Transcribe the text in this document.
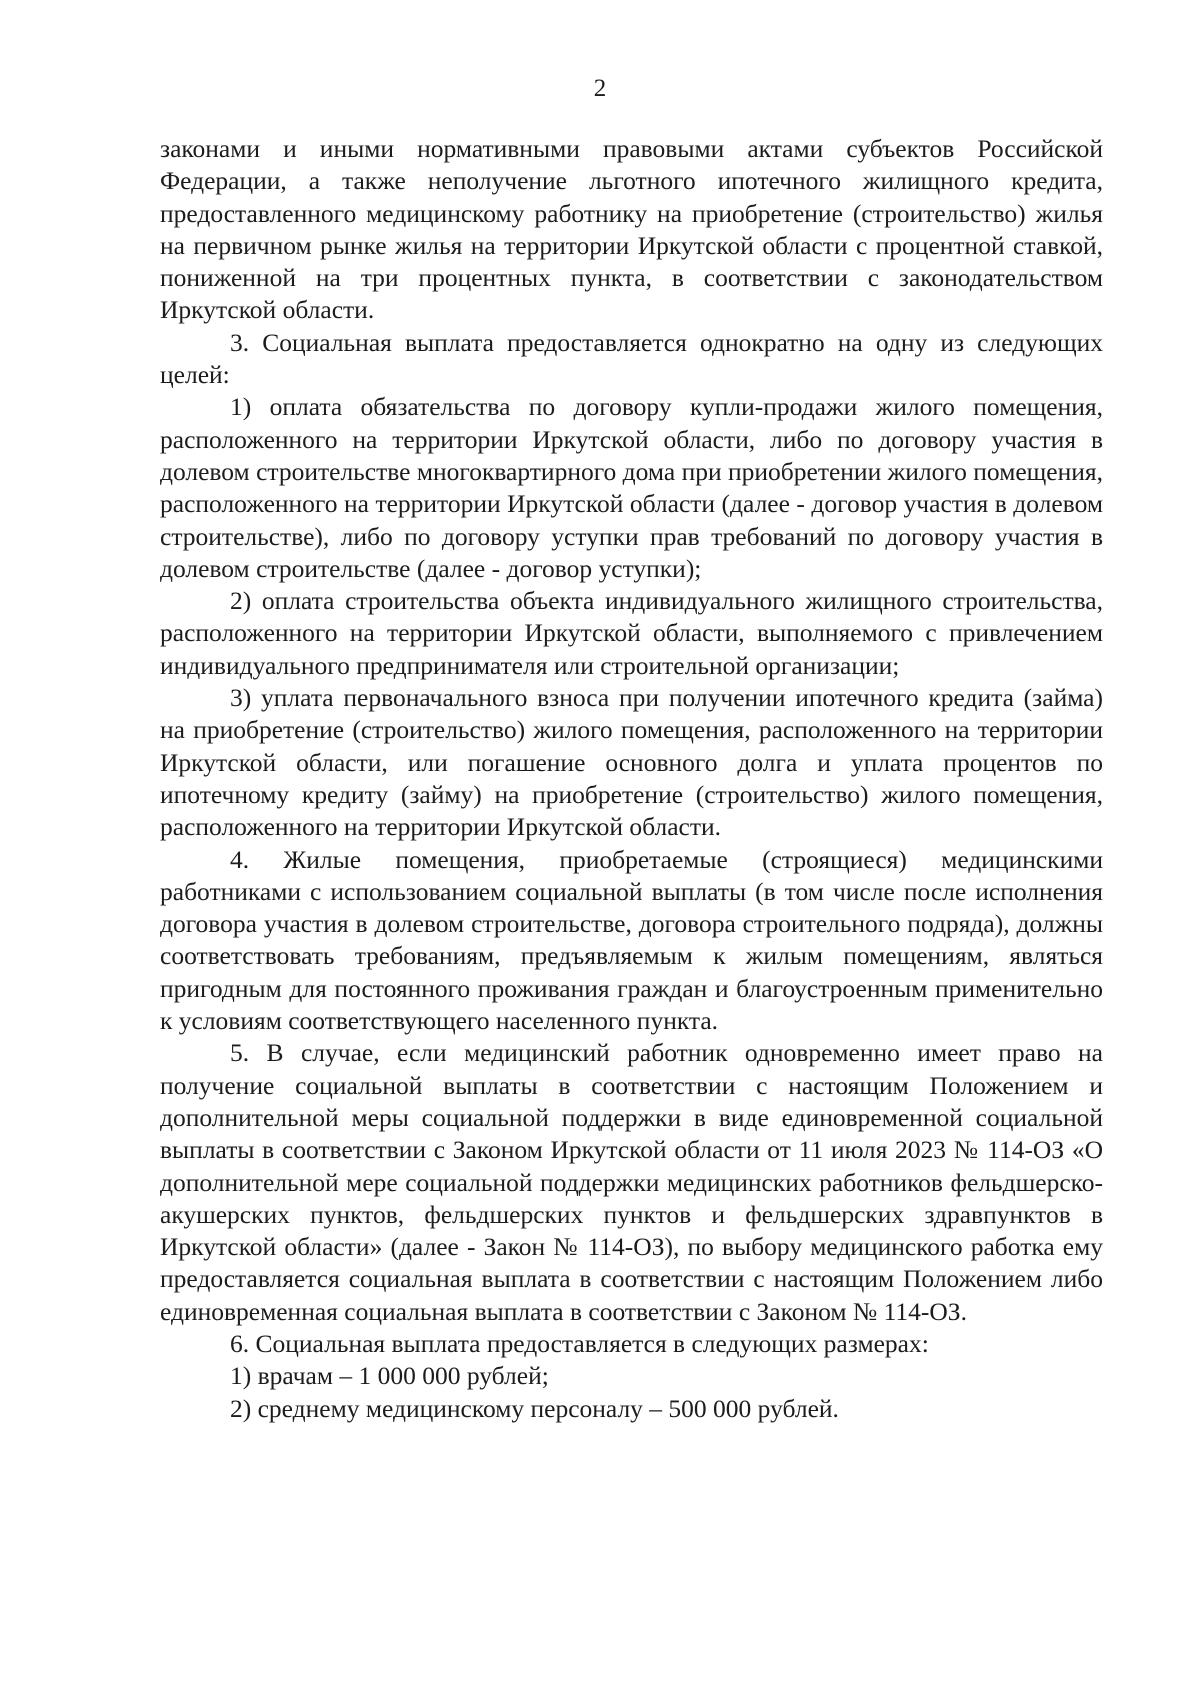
2

законами и иными нормативными правовыми актами субъектов Российской Федерации, а также неполучение льготного ипотечного жилищного кредита, предоставленного медицинскому работнику на приобретение (строительство) жилья на первичном рынке жилья на территории Иркутской области с процентной ставкой, пониженной на три процентных пункта, в соответствии с законодательством Иркутской области.

3. Социальная выплата предоставляется однократно на одну из следующих целей:

1) оплата обязательства по договору купли-продажи жилого помещения, расположенного на территории Иркутской области, либо по договору участия в долевом строительстве многоквартирного дома при приобретении жилого помещения, расположенного на территории Иркутской области (далее - договор участия в долевом строительстве), либо по договору уступки прав требований по договору участия в долевом строительстве (далее - договор уступки);

2) оплата строительства объекта индивидуального жилищного строительства, расположенного на территории Иркутской области, выполняемого с привлечением индивидуального предпринимателя или строительной организации;

3) уплата первоначального взноса при получении ипотечного кредита (займа) на приобретение (строительство) жилого помещения, расположенного на территории Иркутской области, или погашение основного долга и уплата процентов по ипотечному кредиту (займу) на приобретение (строительство) жилого помещения, расположенного на территории Иркутской области.

4. Жилые помещения, приобретаемые (строящиеся) медицинскими работниками с использованием социальной выплаты (в том числе после исполнения договора участия в долевом строительстве, договора строительного подряда), должны соответствовать требованиям, предъявляемым к жилым помещениям, являться пригодным для постоянного проживания граждан и благоустроенным применительно к условиям соответствующего населенного пункта.

5. В случае, если медицинский работник одновременно имеет право на получение социальной выплаты в соответствии с настоящим Положением и дополнительной меры социальной поддержки в виде единовременной социальной выплаты в соответствии с Законом Иркутской области от 11 июля 2023 № 114-ОЗ «О дополнительной мере социальной поддержки медицинских работников фельдшерско-акушерских пунктов, фельдшерских пунктов и фельдшерских здравпунктов в Иркутской области» (далее - Закон № 114-ОЗ), по выбору медицинского работка ему предоставляется социальная выплата в соответствии с настоящим Положением либо единовременная социальная выплата в соответствии с Законом № 114-ОЗ.

6. Социальная выплата предоставляется в следующих размерах:

1) врачам – 1 000 000 рублей;

2) среднему медицинскому персоналу – 500 000 рублей.
